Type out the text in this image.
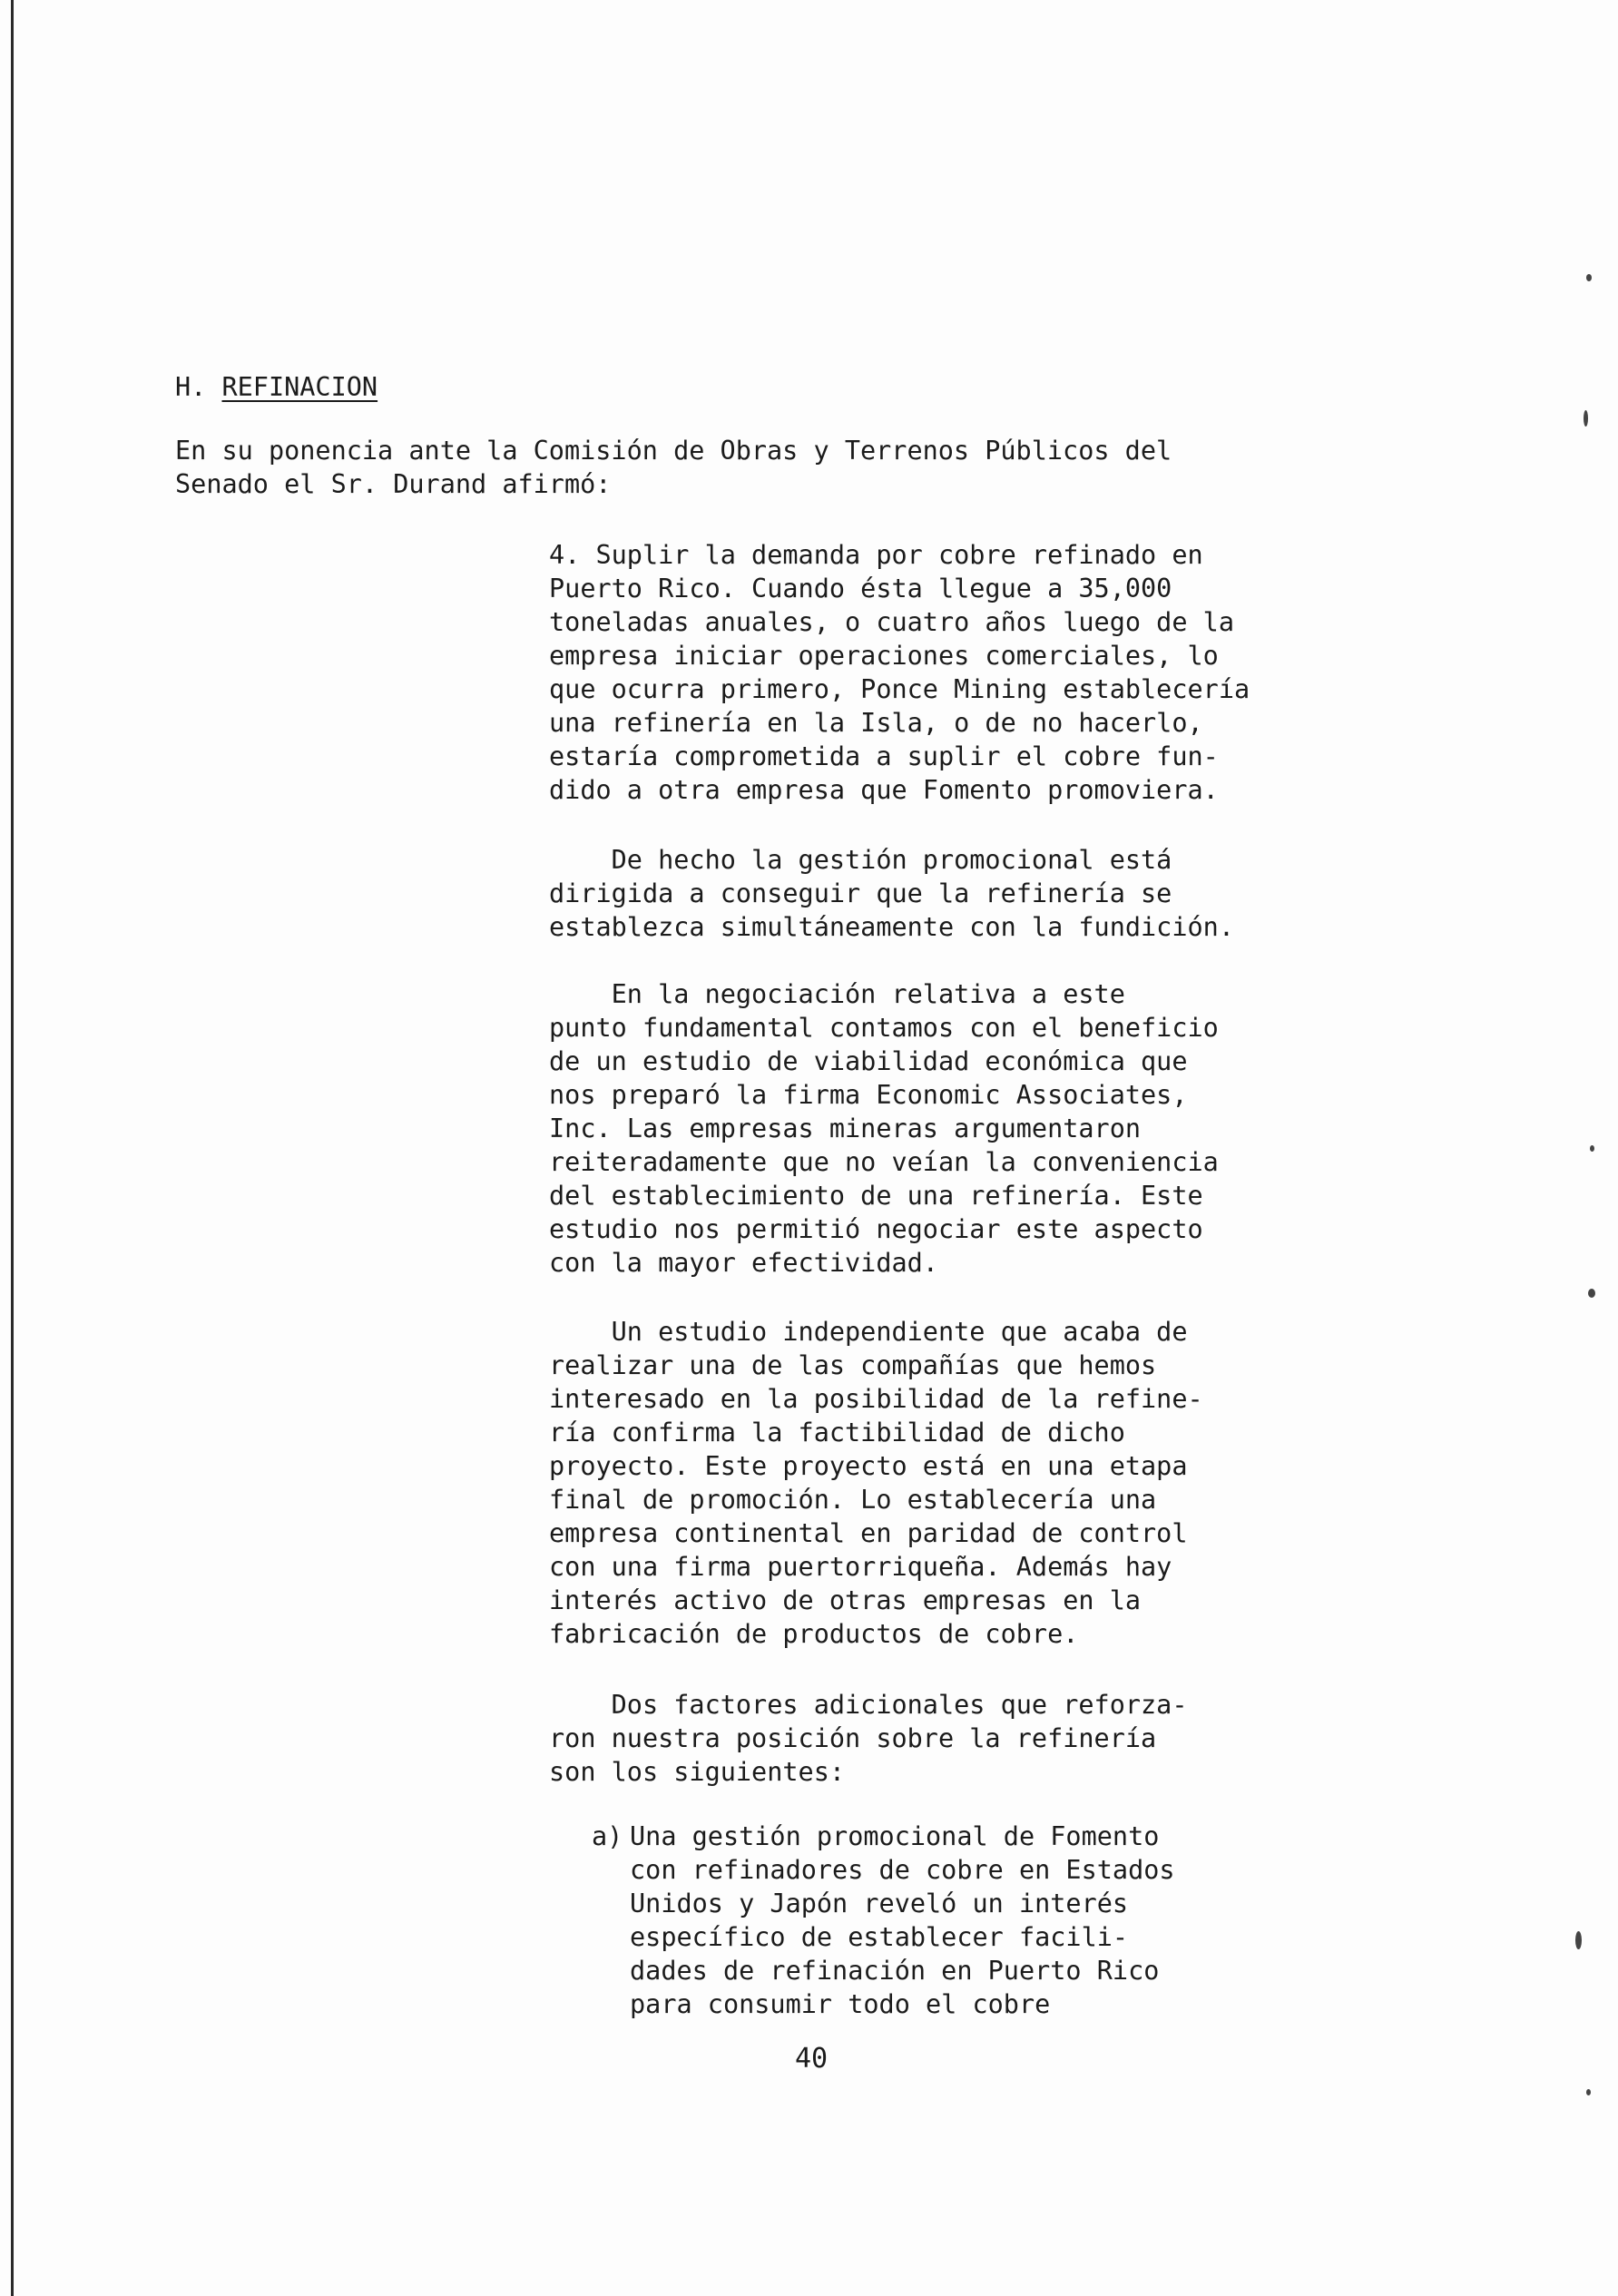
H. REFINACION

En su ponencia ante la Comisión de Obras y Terrenos Públicos del
Senado el Sr. Durand afirmó:

4. Suplir la demanda por cobre refinado en
Puerto Rico. Cuando ésta llegue a 35,000
toneladas anuales, o cuatro años luego de la
empresa iniciar operaciones comerciales, lo
que ocurra primero, Ponce Mining establecería
una refinería en la Isla, o de no hacerlo,
estaría comprometida a suplir el cobre fun-
dido a otra empresa que Fomento promoviera.

De hecho la gestión promocional está
dirigida a conseguir que la refinería se
establezca simultáneamente con la fundición.

En la negociación relativa a este
punto fundamental contamos con el beneficio
de un estudio de viabilidad económica que
nos preparó la firma Economic Associates,
Inc. Las empresas mineras argumentaron
reiteradamente que no veían la conveniencia
del establecimiento de una refinería. Este
estudio nos permitió negociar este aspecto
con la mayor efectividad.

Un estudio independiente que acaba de
realizar una de las compañías que hemos
interesado en la posibilidad de la refine-
ría confirma la factibilidad de dicho
proyecto. Este proyecto está en una etapa
final de promoción. Lo establecería una
empresa continental en paridad de control
con una firma puertorriqueña. Además hay
interés activo de otras empresas en la
fabricación de productos de cobre.

Dos factores adicionales que reforza-
ron nuestra posición sobre la refinería
son los siguientes:

a) Una gestión promocional de Fomento
con refinadores de cobre en Estados
Unidos y Japón reveló un interés
específico de establecer facili-
dades de refinación en Puerto Rico
para consumir todo el cobre

40
